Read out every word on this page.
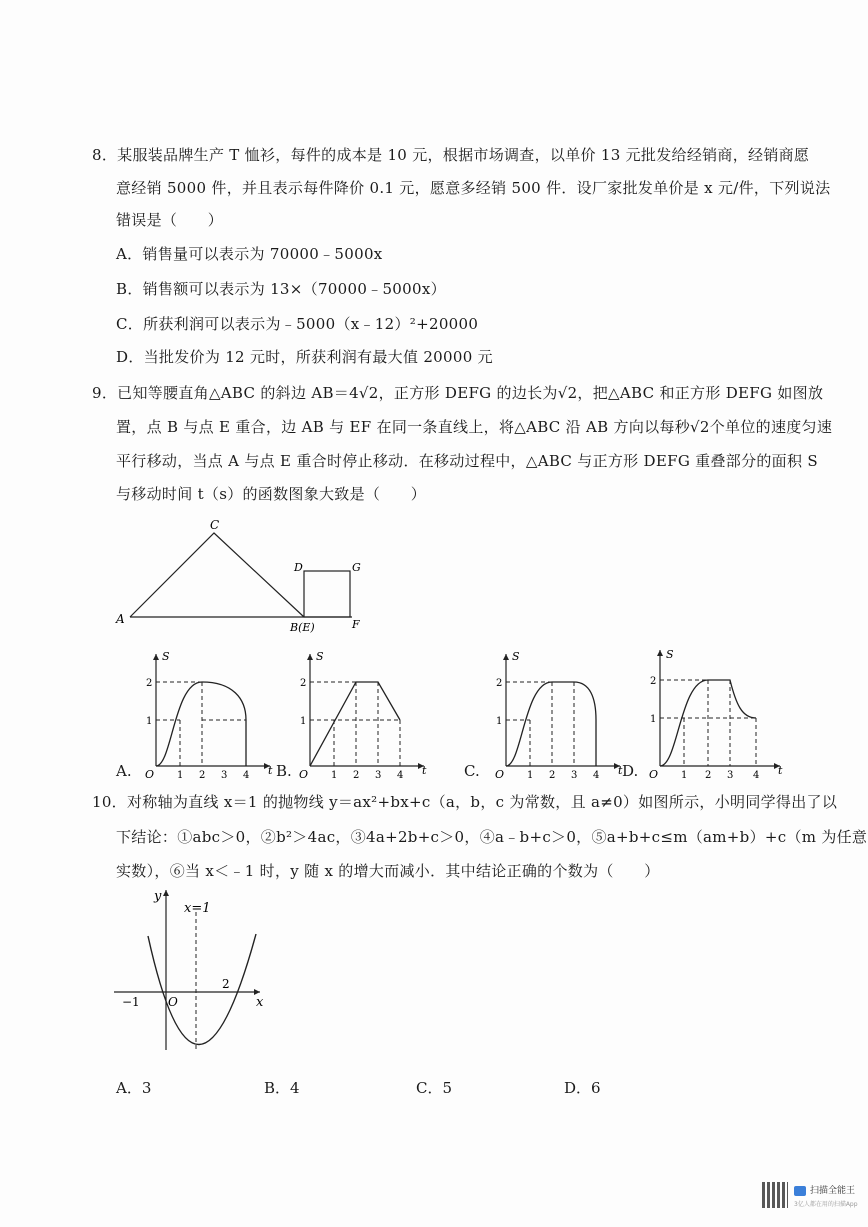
8．某服装品牌生产 T 恤衫，每件的成本是 10 元，根据市场调查，以单价 13 元批发给经销商，经销商愿
意经销 5000 件，并且表示每件降价 0.1 元，愿意多经销 500 件．设厂家批发单价是 x 元/件，下列说法
错误是（　　）
A．销售量可以表示为 70000﹣5000x
B．销售额可以表示为 13×（70000﹣5000x）
C．所获利润可以表示为﹣5000（x﹣12）²+20000
D．当批发价为 12 元时，所获利润有最大值 20000 元
9．已知等腰直角△ABC 的斜边 AB＝4√2，正方形 DEFG 的边长为√2，把△ABC 和正方形 DEFG 如图放
置，点 B 与点 E 重合，边 AB 与 EF 在同一条直线上，将△ABC 沿 AB 方向以每秒√2个单位的速度匀速
平行移动，当点 A 与点 E 重合时停止移动．在移动过程中，△ABC 与正方形 DEFG 重叠部分的面积 S
与移动时间 t（s）的函数图象大致是（　　）
C
A
B(E)
D	G
F
S
t
O
2
1
1 2 3 4
A.
S
t
O
2
1
1 2 3 4
B.
S
t
O
2
1
1 2 3 4
C.
S
t
O
2
1
1 2 3 4
D.
10．对称轴为直线 x＝1 的抛物线 y＝ax²+bx+c（a，b，c 为常数，且 a≠0）如图所示，小明同学得出了以
下结论：①abc＞0，②b²＞4ac，③4a+2b+c＞0，④a﹣b+c＞0，⑤a+b+c≤m（am+b）+c（m 为任意
实数），⑥当 x＜﹣1 时，y 随 x 的增大而减小．其中结论正确的个数为（　　）
y
x
x=1
O
−1
2
A．3	B．4	C．5	D．6
扫描全能王
3亿人都在用的扫描App
